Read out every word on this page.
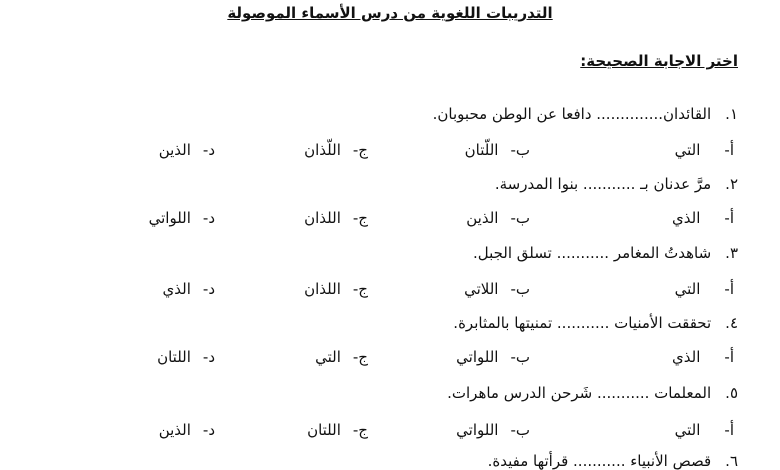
التدريبات اللغوية من درس الأسماء الموصولة
اختر الاجابة الصحيحة:
١.القائدان.............. دافعا عن الوطن محبوبان.
أ-التي
ب-اللّتان
ج-اللّذان
د-الذين
٢.مرَّ عدنان بـ ........... بنوا المدرسة.
أ-الذي
ب-الذين
ج-اللذان
د-اللواتي
٣.شاهدتُ المغامر ........... تسلق الجبل.
أ-التي
ب-اللاتي
ج-اللذان
د-الذي
٤.تحققت الأمنيات ........... تمنيتها بالمثابرة.
أ-الذي
ب-اللواتي
ج-التي
د-اللتان
٥.المعلمات ........... شَرحن الدرس ماهرات.
أ-التي
ب-اللواتي
ج-اللتان
د-الذين
٦.قصص الأنبياء ........... قرأتها مفيدة.
